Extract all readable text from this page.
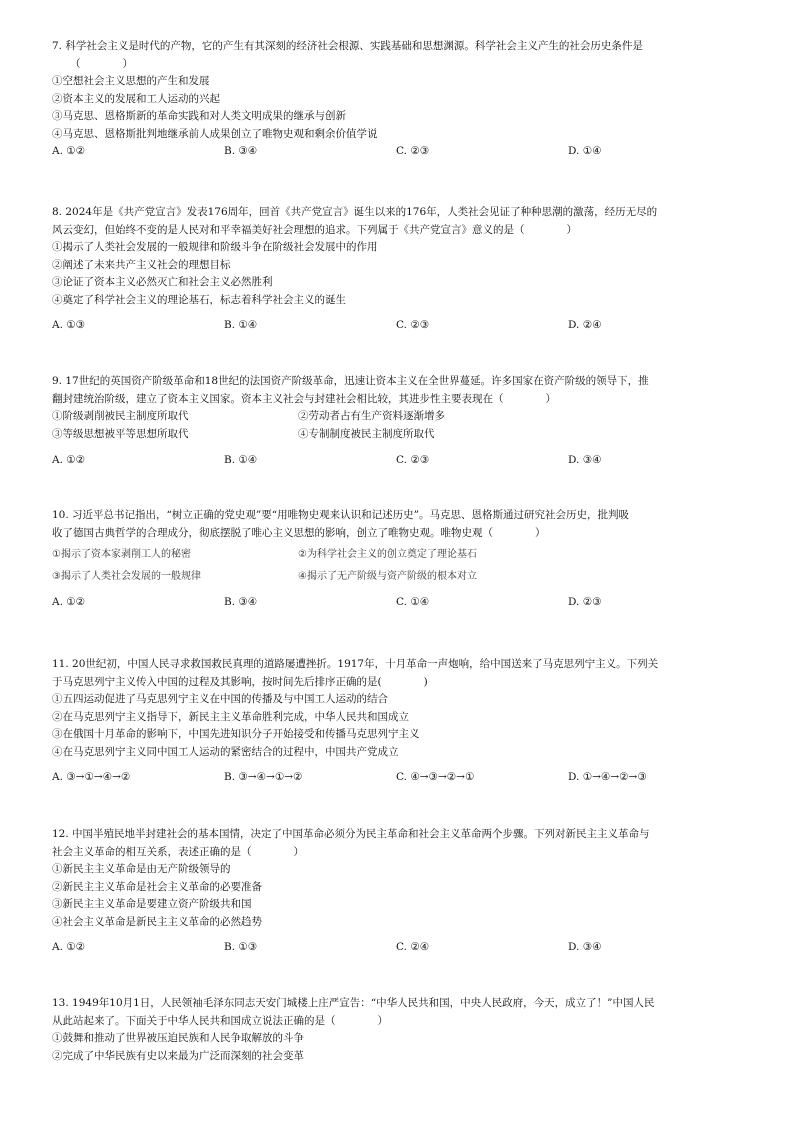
7. 科学社会主义是时代的产物，它的产生有其深刻的经济社会根源、实践基础和思想渊源。科学社会主义产生的社会历史条件是
（　　　　）
①空想社会主义思想的产生和发展
②资本主义的发展和工人运动的兴起
③马克思、恩格斯新的革命实践和对人类文明成果的继承与创新
④马克思、恩格斯批判地继承前人成果创立了唯物史观和剩余价值学说
A. ①②	B. ③④	C. ②③	D. ①④
8. 2024年是《共产党宣言》发表176周年，回首《共产党宣言》诞生以来的176年，人类社会见证了种种思潮的激荡，经历无尽的
风云变幻，但始终不变的是人民对和平幸福美好社会理想的追求。下列属于《共产党宣言》意义的是（　　　　）
①揭示了人类社会发展的一般规律和阶级斗争在阶级社会发展中的作用
②阐述了未来共产主义社会的理想目标
③论证了资本主义必然灭亡和社会主义必然胜利
④奠定了科学社会主义的理论基石，标志着科学社会主义的诞生
A. ①③	B. ①④	C. ②③	D. ②④
9. 17世纪的英国资产阶级革命和18世纪的法国资产阶级革命，迅速让资本主义在全世界蔓延。许多国家在资产阶级的领导下，推
翻封建统治阶级，建立了资本主义国家。资本主义社会与封建社会相比较，其进步性主要表现在（　　　　）
①阶级剥削被民主制度所取代	②劳动者占有生产资料逐渐增多
③等级思想被平等思想所取代	④专制制度被民主制度所取代
A. ①②	B. ①④	C. ②③	D. ③④
10. 习近平总书记指出，“树立正确的党史观”要“用唯物史观来认识和记述历史”。马克思、恩格斯通过研究社会历史，批判吸
收了德国古典哲学的合理成分，彻底摆脱了唯心主义思想的影响，创立了唯物史观。唯物史观（　　　　）
①揭示了资本家剥削工人的秘密	②为科学社会主义的创立奠定了理论基石
③揭示了人类社会发展的一般规律	④揭示了无产阶级与资产阶级的根本对立
A. ①②	B. ③④	C. ①④	D. ②③
11. 20世纪初，中国人民寻求救国救民真理的道路屡遭挫折。1917年，十月革命一声炮响，给中国送来了马克思列宁主义。下列关
于马克思列宁主义传入中国的过程及其影响，按时间先后排序正确的是(　　　　)
①五四运动促进了马克思列宁主义在中国的传播及与中国工人运动的结合
②在马克思列宁主义指导下，新民主主义革命胜利完成，中华人民共和国成立
③在俄国十月革命的影响下，中国先进知识分子开始接受和传播马克思列宁主义
④在马克思列宁主义同中国工人运动的紧密结合的过程中，中国共产党成立
A. ③→①→④→②	B. ③→④→①→②	C. ④→③→②→①	D. ①→④→②→③
12. 中国半殖民地半封建社会的基本国情，决定了中国革命必须分为民主革命和社会主义革命两个步骤。下列对新民主主义革命与
社会主义革命的相互关系，表述正确的是（　　　　）
①新民主主义革命是由无产阶级领导的
②新民主主义革命是社会主义革命的必要准备
③新民主主义革命是要建立资产阶级共和国
④社会主义革命是新民主主义革命的必然趋势
A. ①②	B. ①③	C. ②④	D. ③④
13. 1949年10月1日，人民领袖毛泽东同志天安门城楼上庄严宣告：“中华人民共和国，中央人民政府，今天，成立了！”中国人民
从此站起来了。下面关于中华人民共和国成立说法正确的是（　　　　）
①鼓舞和推动了世界被压迫民族和人民争取解放的斗争
②完成了中华民族有史以来最为广泛而深刻的社会变革
